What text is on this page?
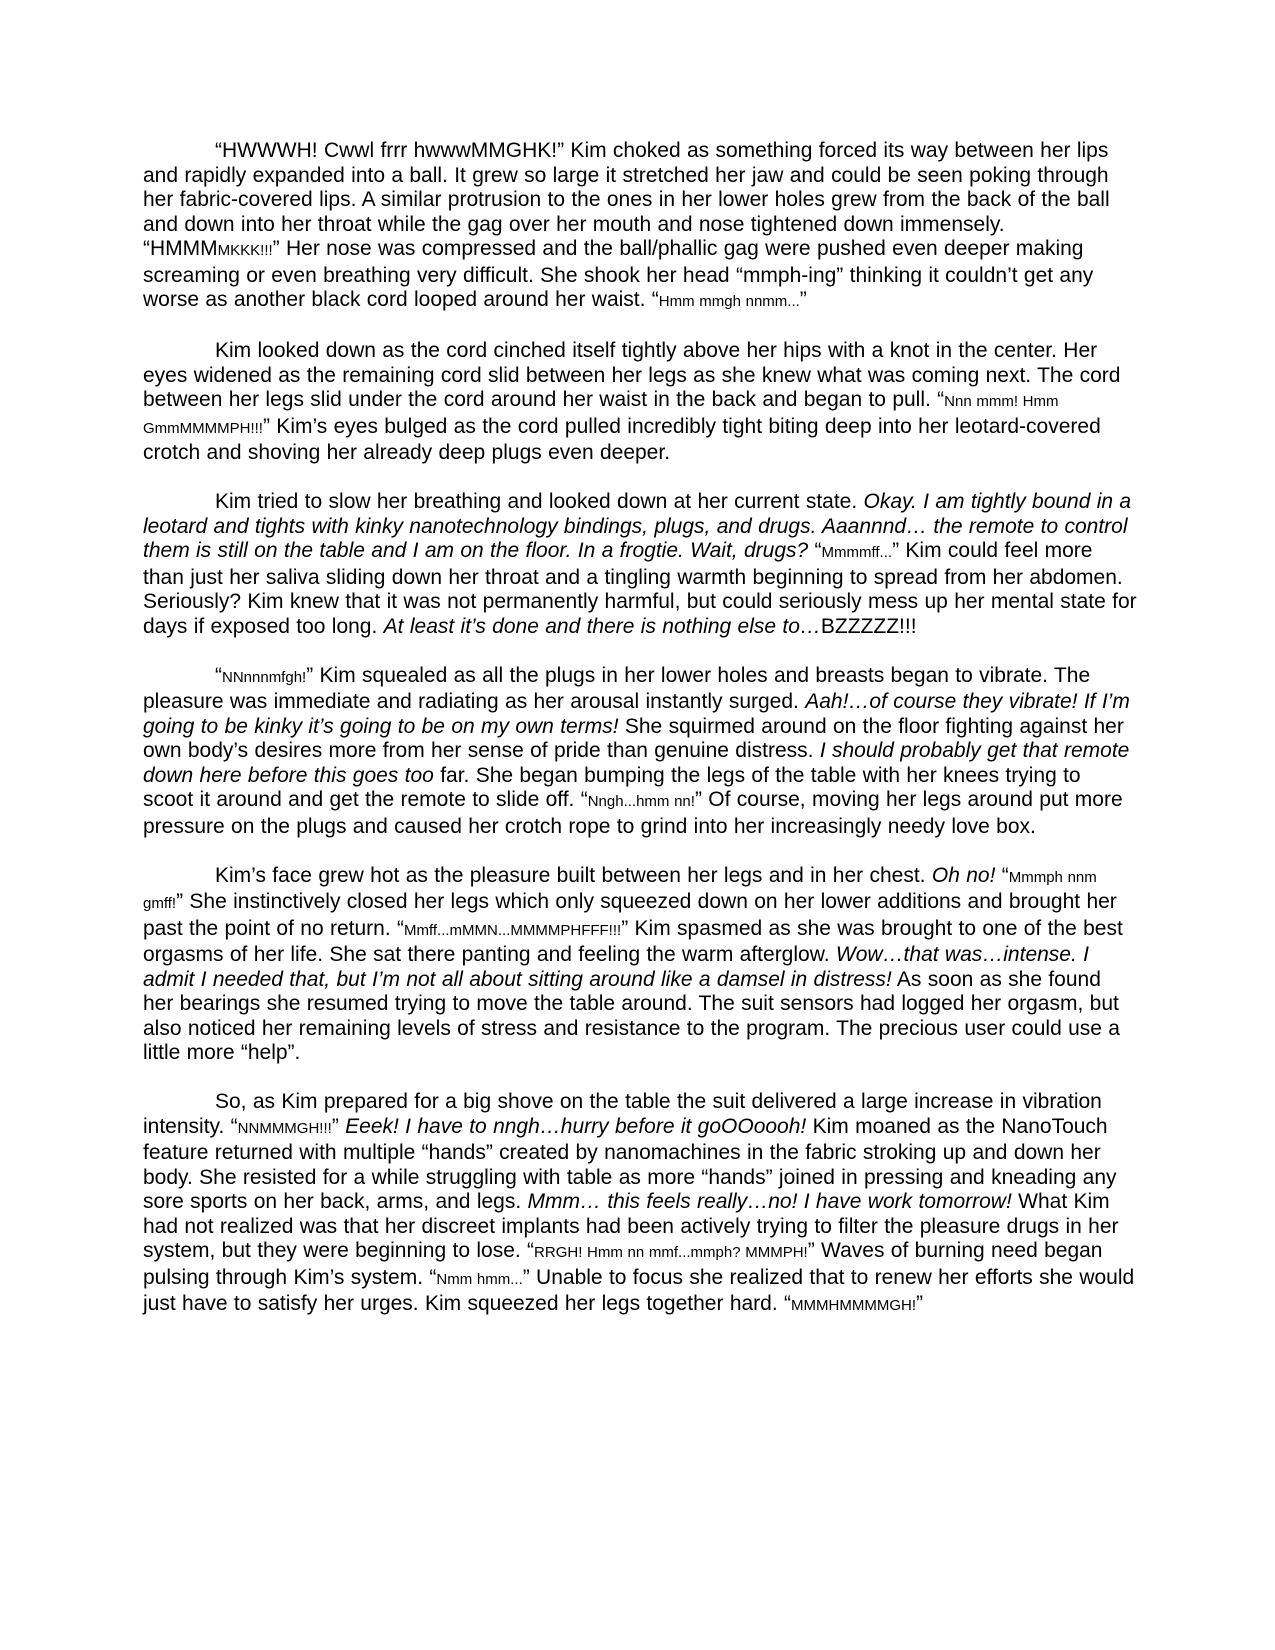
“HWWWH! Cwwl frrr hwwwMMGHK!” Kim choked as something forced its way between her lips and rapidly expanded into a ball. It grew so large it stretched her jaw and could be seen poking through her fabric-covered lips. A similar protrusion to the ones in her lower holes grew from the back of the ball and down into her throat while the gag over her mouth and nose tightened down immensely. “HMMMMKKK!!!” Her nose was compressed and the ball/phallic gag were pushed even deeper making screaming or even breathing very difficult. She shook her head “mmph-ing” thinking it couldn’t get any worse as another black cord looped around her waist. “Hmm mmgh nnmm...”

Kim looked down as the cord cinched itself tightly above her hips with a knot in the center. Her eyes widened as the remaining cord slid between her legs as she knew what was coming next. The cord between her legs slid under the cord around her waist in the back and began to pull. “Nnn mmm! Hmm GmmMMMMPH!!!” Kim’s eyes bulged as the cord pulled incredibly tight biting deep into her leotard-covered crotch and shoving her already deep plugs even deeper.

Kim tried to slow her breathing and looked down at her current state. Okay. I am tightly bound in a leotard and tights with kinky nanotechnology bindings, plugs, and drugs. Aaannnd… the remote to control them is still on the table and I am on the floor. In a frogtie. Wait, drugs? “Mmmmff...” Kim could feel more than just her saliva sliding down her throat and a tingling warmth beginning to spread from her abdomen. Seriously? Kim knew that it was not permanently harmful, but could seriously mess up her mental state for days if exposed too long. At least it’s done and there is nothing else to…BZZZZZ!!!

“NNnnnmfgh!” Kim squealed as all the plugs in her lower holes and breasts began to vibrate. The pleasure was immediate and radiating as her arousal instantly surged. Aah!…of course they vibrate! If I’m going to be kinky it’s going to be on my own terms! She squirmed around on the floor fighting against her own body’s desires more from her sense of pride than genuine distress. I should probably get that remote down here before this goes too far. She began bumping the legs of the table with her knees trying to scoot it around and get the remote to slide off. “Nngh...hmm nn!” Of course, moving her legs around put more pressure on the plugs and caused her crotch rope to grind into her increasingly needy love box.

Kim’s face grew hot as the pleasure built between her legs and in her chest. Oh no! “Mmmph nnm gmff!” She instinctively closed her legs which only squeezed down on her lower additions and brought her past the point of no return. “Mmff...mMMN...MMMMPHFFF!!!” Kim spasmed as she was brought to one of the best orgasms of her life. She sat there panting and feeling the warm afterglow. Wow…that was…intense. I admit I needed that, but I’m not all about sitting around like a damsel in distress! As soon as she found her bearings she resumed trying to move the table around. The suit sensors had logged her orgasm, but also noticed her remaining levels of stress and resistance to the program. The precious user could use a little more “help”.

So, as Kim prepared for a big shove on the table the suit delivered a large increase in vibration intensity. “NNMMMGH!!!” Eeek! I have to nngh…hurry before it goOOoooh! Kim moaned as the NanoTouch feature returned with multiple “hands” created by nanomachines in the fabric stroking up and down her body. She resisted for a while struggling with table as more “hands” joined in pressing and kneading any sore sports on her back, arms, and legs. Mmm… this feels really…no! I have work tomorrow! What Kim had not realized was that her discreet implants had been actively trying to filter the pleasure drugs in her system, but they were beginning to lose. “RRGH! Hmm nn mmf...mmph? MMMPH!” Waves of burning need began pulsing through Kim’s system. “Nmm hmm...” Unable to focus she realized that to renew her efforts she would just have to satisfy her urges. Kim squeezed her legs together hard. “MMMHMMMMGH!”
